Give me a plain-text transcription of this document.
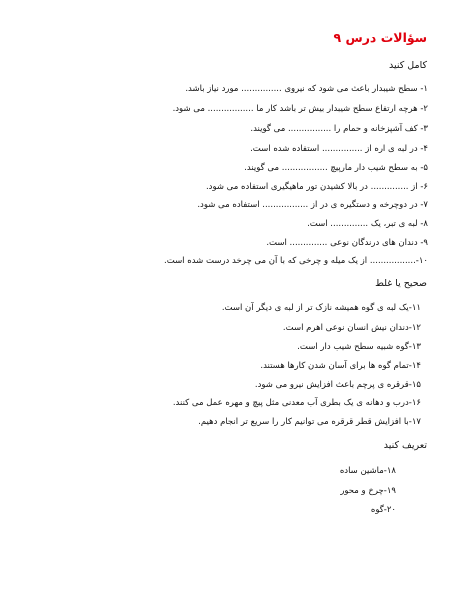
سؤالات درس ۹
کامل کنید
۱- سطح شیبدار باعث می شود که نیروی ............... مورد نیاز باشد.
۲- هرچه ارتفاع سطح شیبدار بیش تر باشد کار ما ................. می شود.
۳- کف آشپزخانه و حمام را ................ می گویند.
۴- در لبه ی اره از ............... استفاده شده است.
۵- به سطح شیب دار مارپیچ ................. می گویند.
۶- از .............. در بالا کشیدن تور ماهیگیری استفاده می شود.
۷- در دوچرخه و دستگیره ی در از ................. استفاده می شود.
۸- لبه ی تبر، یک .............. است.
۹- دندان های درندگان نوعی .............. است.
۱۰-................. از یک میله و چرخی که با آن می چرخد درست شده است.
صحیح یا غلط
۱۱-یک لبه ی گوه همیشه نازک تر از لبه ی دیگر آن است.
۱۲-دندان نیش انسان نوعی اهرم است.
۱۳-گوه شبیه سطح شیب دار است.
۱۴-تمام گوه ها برای آسان شدن کارها هستند.
۱۵-قرقره ی پرچم باعث افزایش نیرو می شود.
۱۶-درب و دهانه ی یک بطری آب معدنی مثل پیچ و مهره عمل می کنند.
۱۷-با افزایش قطر قرقره می توانیم کار را سریع تر انجام دهیم.
تعریف کنید
۱۸-ماشین ساده
۱۹-چرخ و محور
۲۰-گوه
